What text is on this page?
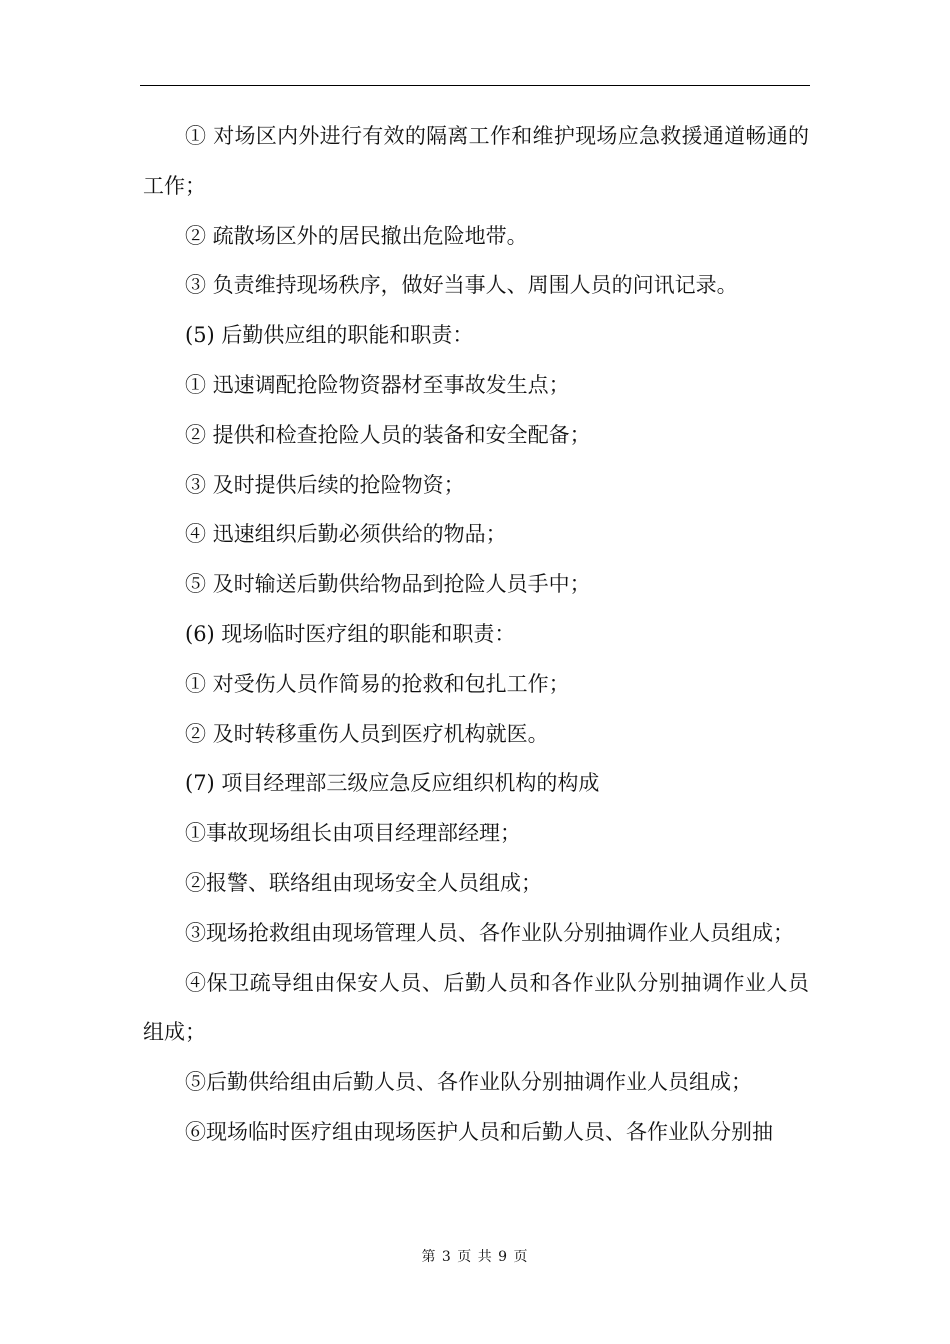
① 对场区内外进行有效的隔离工作和维护现场应急救援通道畅通的工作；

② 疏散场区外的居民撤出危险地带。

③ 负责维持现场秩序，做好当事人、周围人员的问讯记录。

(5) 后勤供应组的职能和职责：

① 迅速调配抢险物资器材至事故发生点；

② 提供和检查抢险人员的装备和安全配备；

③ 及时提供后续的抢险物资；

④ 迅速组织后勤必须供给的物品；

⑤ 及时输送后勤供给物品到抢险人员手中；

(6) 现场临时医疗组的职能和职责：

① 对受伤人员作简易的抢救和包扎工作；

② 及时转移重伤人员到医疗机构就医。

(7) 项目经理部三级应急反应组织机构的构成

①事故现场组长由项目经理部经理；

②报警、联络组由现场安全人员组成；

③现场抢救组由现场管理人员、各作业队分别抽调作业人员组成；

④保卫疏导组由保安人员、后勤人员和各作业队分别抽调作业人员组成；

⑤后勤供给组由后勤人员、各作业队分别抽调作业人员组成；

⑥现场临时医疗组由现场医护人员和后勤人员、各作业队分别抽

第 3 页 共 9 页
